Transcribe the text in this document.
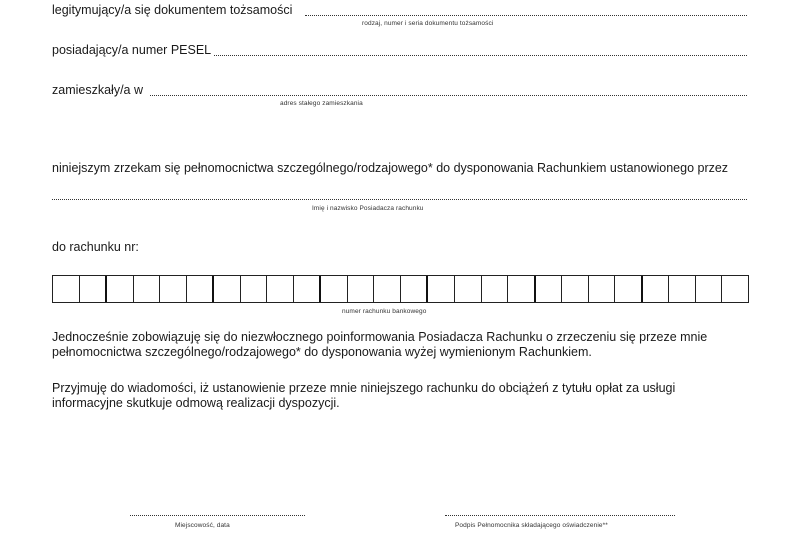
legitymujący/a się dokumentem tożsamości
rodzaj, numer i seria dokumentu tożsamości
posiadający/a numer PESEL
zamieszkały/a w
adres stałego zamieszkania
niniejszym zrzekam się pełnomocnictwa szczególnego/rodzajowego* do dysponowania Rachunkiem ustanowionego przez
Imię i nazwisko Posiadacza rachunku
do rachunku nr:
numer rachunku bankowego
Jednocześnie zobowiązuję się do niezwłocznego poinformowania Posiadacza Rachunku o zrzeczeniu się przeze mnie
pełnomocnictwa szczególnego/rodzajowego* do dysponowania wyżej wymienionym Rachunkiem.
Przyjmuję do wiadomości, iż ustanowienie przeze mnie niniejszego rachunku do obciążeń z tytułu opłat za usługi
informacyjne skutkuje odmową realizacji dyspozycji.
Miejscowość, data	Podpis Pełnomocnika składającego oświadczenie**
